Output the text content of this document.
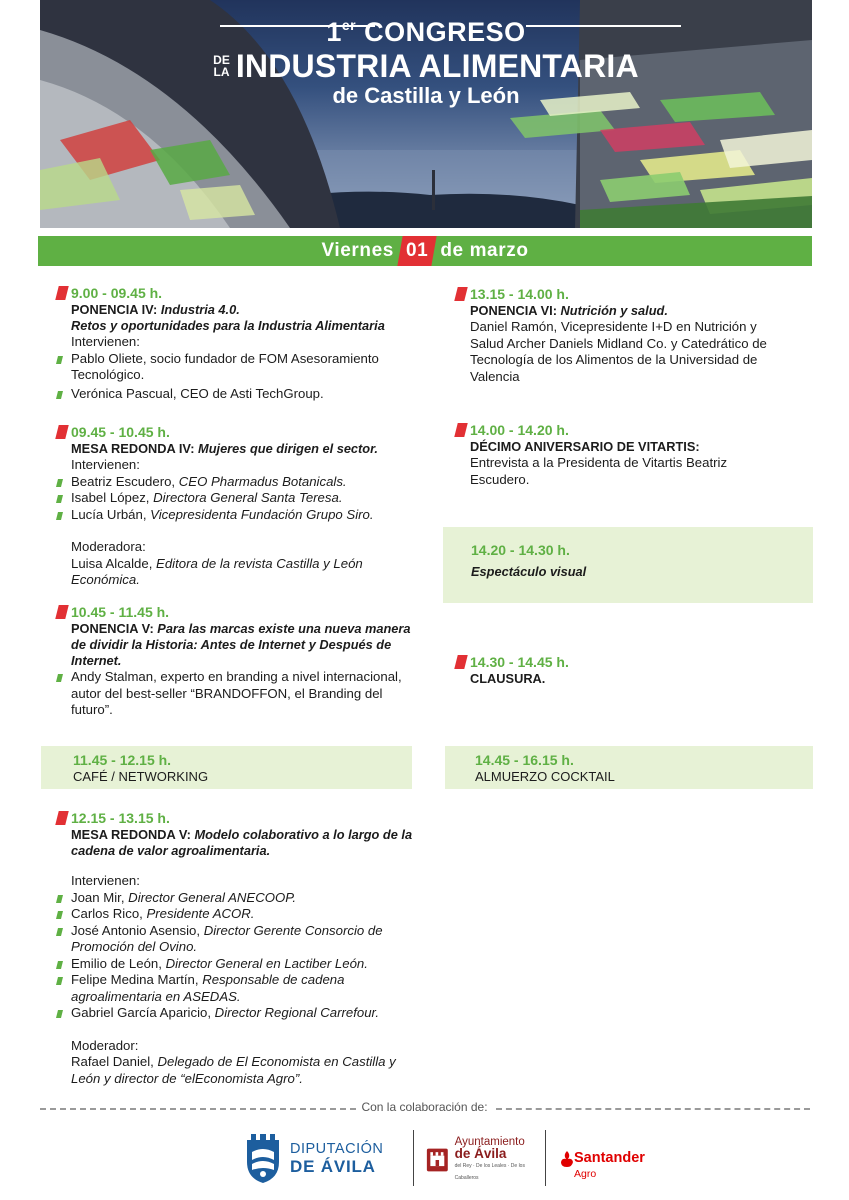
1er CONGRESO
DE
LA INDUSTRIA ALIMENTARIA
de Castilla y León
Viernes 01 de marzo
9.00 - 09.45 h.
PONENCIA IV: Industria 4.0.
Retos y oportunidades para la Industria Alimentaria
Intervienen:
Pablo Oliete, socio fundador de FOM Asesoramiento Tecnológico.
Verónica Pascual, CEO de Asti TechGroup.
09.45 - 10.45 h.
MESA REDONDA IV: Mujeres que dirigen el sector.
Intervienen:
Beatriz Escudero, CEO Pharmadus Botanicals.
Isabel López, Directora General Santa Teresa.
Lucía Urbán, Vicepresidenta Fundación Grupo Siro.
Moderadora:
Luisa Alcalde, Editora de la revista Castilla y León Económica.
10.45 - 11.45 h.
PONENCIA V: Para las marcas existe una nueva manera de dividir la Historia: Antes de Internet y Después de Internet.
Andy Stalman, experto en branding a nivel internacional, autor del best-seller “BRANDOFFON, el Branding del futuro”.
11.45 - 12.15 h.
CAFÉ / NETWORKING
12.15 - 13.15 h.
MESA REDONDA V: Modelo colaborativo a lo largo de la cadena de valor agroalimentaria.
Intervienen:
Joan Mir, Director General ANECOOP.
Carlos Rico, Presidente ACOR.
José Antonio Asensio, Director Gerente Consorcio de Promoción del Ovino.
Emilio de León, Director General en Lactiber León.
Felipe Medina Martín, Responsable de cadena agroalimentaria en ASEDAS.
Gabriel García Aparicio, Director Regional Carrefour.
Moderador:
Rafael Daniel, Delegado de El Economista en Castilla y León y director de “elEconomista Agro”.
13.15 - 14.00 h.
PONENCIA VI: Nutrición y salud.
Daniel Ramón, Vicepresidente I+D en Nutrición y Salud Archer Daniels Midland Co. y Catedrático de Tecnología de los Alimentos de la Universidad de Valencia
14.00 - 14.20 h.
DÉCIMO ANIVERSARIO DE VITARTIS:
Entrevista a la Presidenta de Vitartis Beatriz Escudero.
14.20 - 14.30 h.
Espectáculo visual
14.30 - 14.45 h.
CLAUSURA.
14.45 - 16.15 h.
ALMUERZO COCKTAIL
Con la colaboración de:
DIPUTACIÓN
DE ÁVILA
Ayuntamiento
de Ávila
del Rey · De los Leales · De los Caballeros
Santander
Agro
